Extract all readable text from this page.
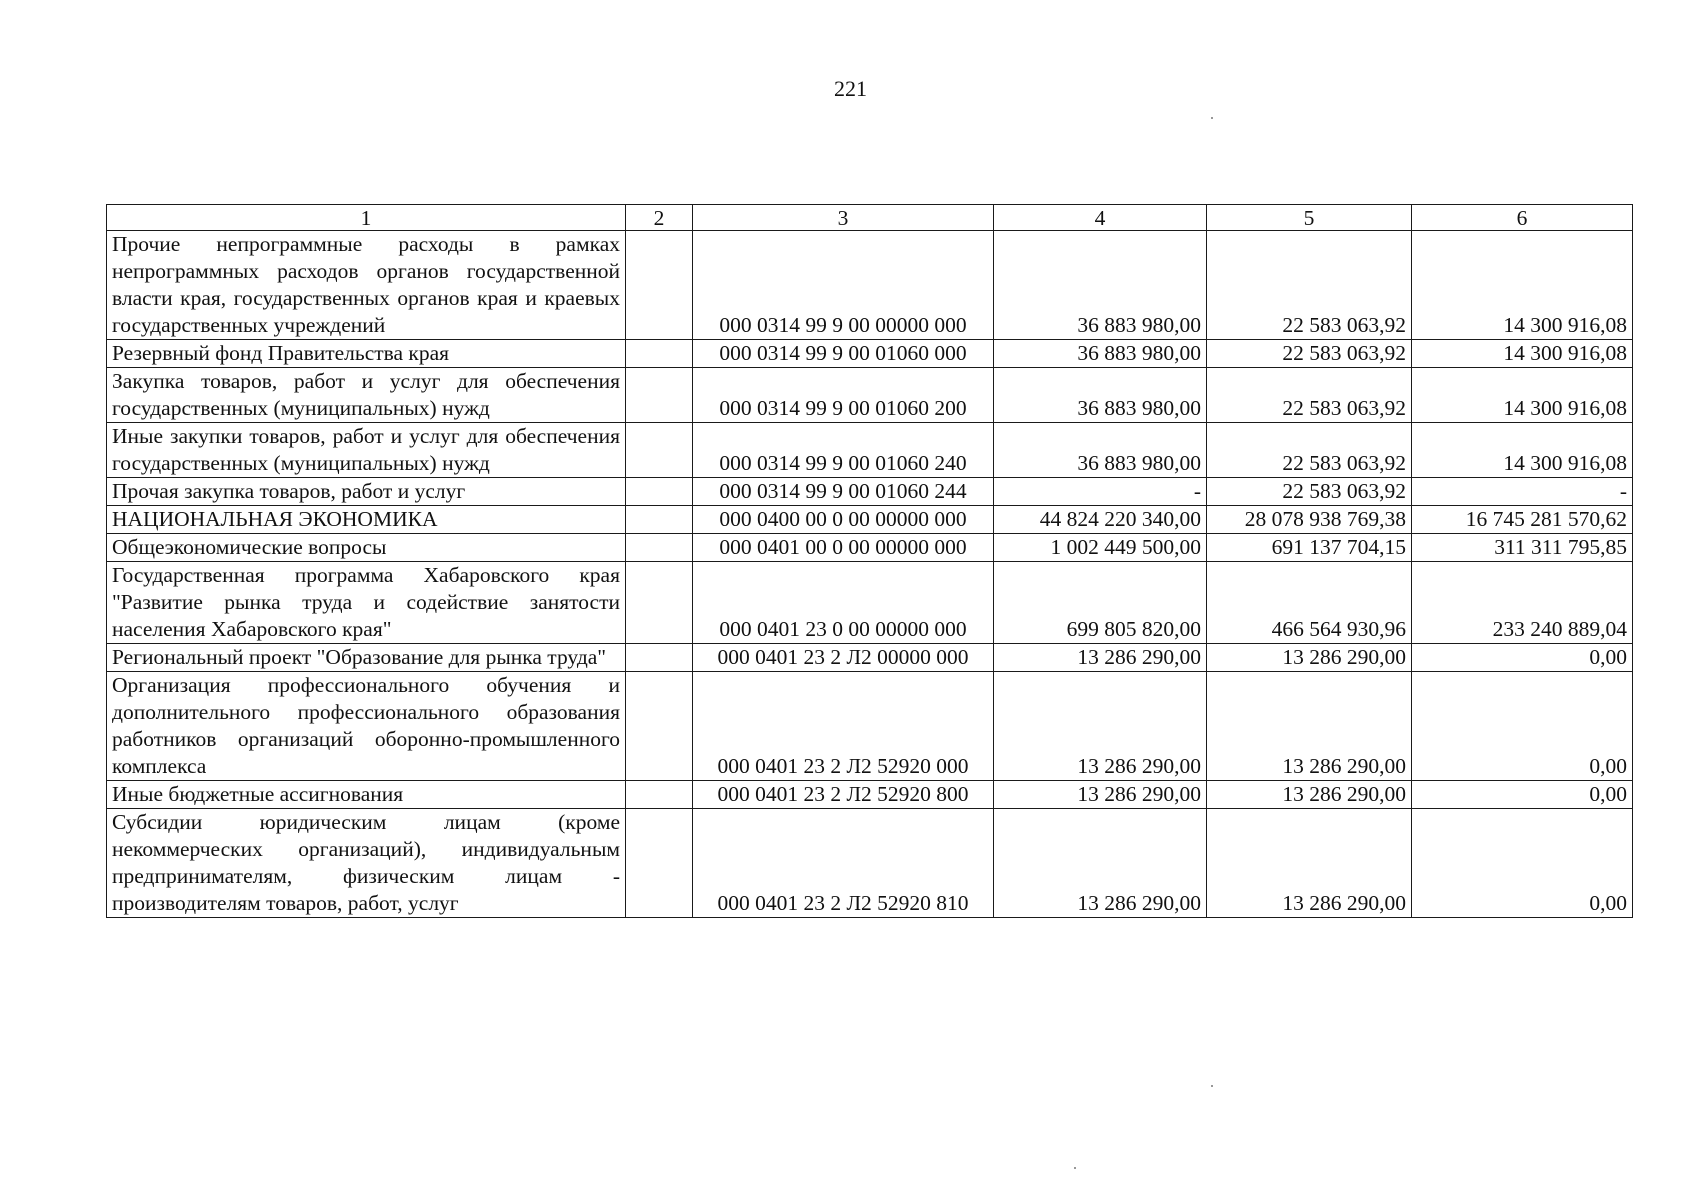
221
1	2	3	4	5	6
Прочие непрограммные расходы в рамках непрограммных расходов органов государственной власти края, государственных органов края и краевых государственных учреждений		000 0314 99 9 00 00000 000	36 883 980,00	22 583 063,92	14 300 916,08
Резервный фонд Правительства края		000 0314 99 9 00 01060 000	36 883 980,00	22 583 063,92	14 300 916,08
Закупка товаров, работ и услуг для обеспечения государственных (муниципальных) нужд		000 0314 99 9 00 01060 200	36 883 980,00	22 583 063,92	14 300 916,08
Иные закупки товаров, работ и услуг для обеспечения государственных (муниципальных) нужд		000 0314 99 9 00 01060 240	36 883 980,00	22 583 063,92	14 300 916,08
Прочая закупка товаров, работ и услуг		000 0314 99 9 00 01060 244	-	22 583 063,92	-
НАЦИОНАЛЬНАЯ ЭКОНОМИКА		000 0400 00 0 00 00000 000	44 824 220 340,00	28 078 938 769,38	16 745 281 570,62
Общеэкономические вопросы		000 0401 00 0 00 00000 000	1 002 449 500,00	691 137 704,15	311 311 795,85
Государственная программа Хабаровского края "Развитие рынка труда и содействие занятости населения Хабаровского края"		000 0401 23 0 00 00000 000	699 805 820,00	466 564 930,96	233 240 889,04
Региональный проект "Образование для рынка труда"		000 0401 23 2 Л2 00000 000	13 286 290,00	13 286 290,00	0,00
Организация профессионального обучения и дополнительного профессионального образования работников организаций оборонно-промышленного комплекса		000 0401 23 2 Л2 52920 000	13 286 290,00	13 286 290,00	0,00
Иные бюджетные ассигнования		000 0401 23 2 Л2 52920 800	13 286 290,00	13 286 290,00	0,00
Субсидии юридическим лицам (кроме некоммерческих организаций), индивидуальным предпринимателям, физическим лицам - производителям товаров, работ, услуг		000 0401 23 2 Л2 52920 810	13 286 290,00	13 286 290,00	0,00
